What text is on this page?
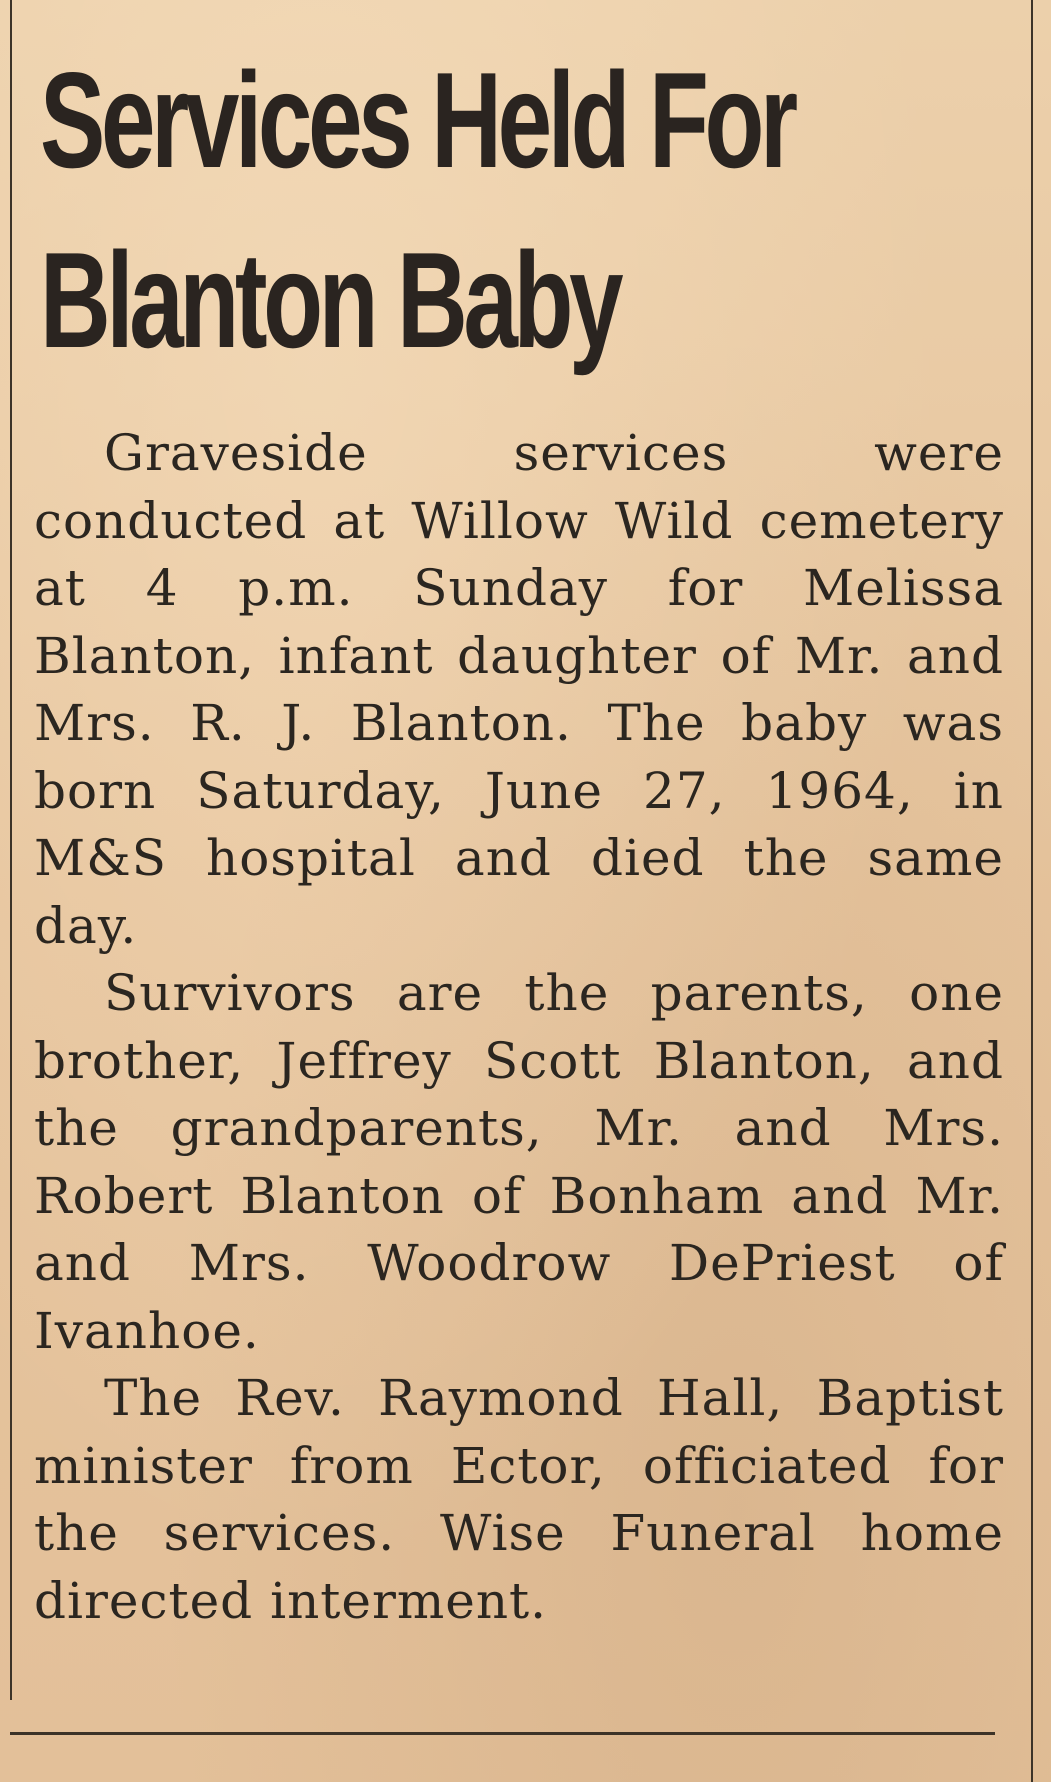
Services Held For
Blanton Baby

Graveside services were conducted at Willow Wild cemetery at 4 p.m. Sunday for Melissa Blanton, infant daughter of Mr. and Mrs. R. J. Blanton. The baby was born Saturday, June 27, 1964, in M&S hospital and died the same day.

Survivors are the parents, one brother, Jeffrey Scott Blanton, and the grandparents, Mr. and Mrs. Robert Blanton of Bonham and Mr. and Mrs. Woodrow DePriest of Ivanhoe.

The Rev. Raymond Hall, Baptist minister from Ector, officiated for the services. Wise Funeral home directed interment.
